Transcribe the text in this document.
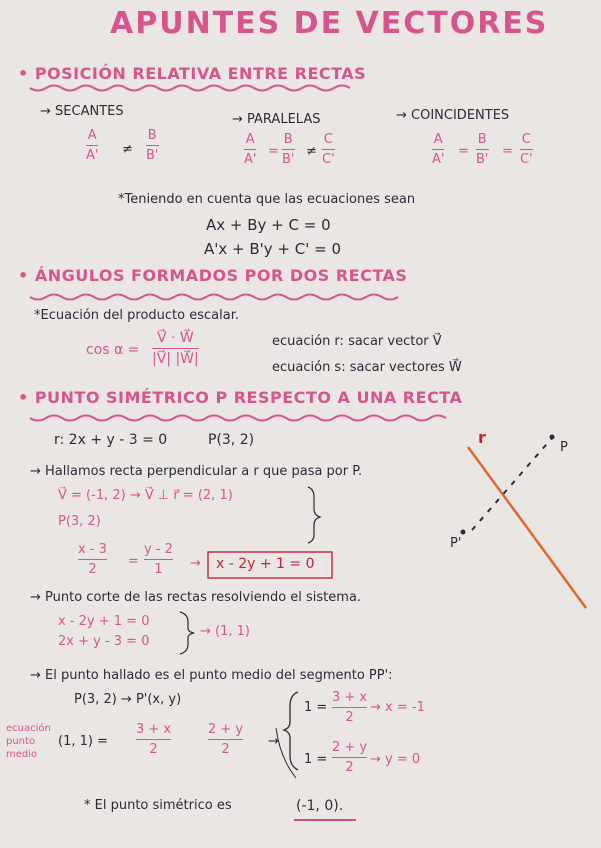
APUNTES DE VECTORES
• POSICIÓN RELATIVA ENTRE RECTAS
→ SECANTES
→ PARALELAS	→ COINCIDENTES
A
A' ≠
B
B'
A
A'
=
B
B'
≠
C
C'
A
A'
=
B
B'
=
C
C'
*Teniendo en cuenta que las ecuaciones sean
Ax + By + C = 0
A'x + B'y + C' = 0
• ÁNGULOS FORMADOS POR DOS RECTAS
*Ecuación del producto escalar.
cos α =
V⃗ · W⃗
|V⃗| |W⃗|
ecuación r: sacar vector V⃗
ecuación s: sacar vectores W⃗
• PUNTO SIMÉTRICO P RESPECTO A UNA RECTA
r: 2x + y - 3 = 0	P(3, 2)
→ Hallamos recta perpendicular a r que pasa por P.
V⃗ = (-1, 2) → V⃗ ⊥ r⃗ = (2, 1)
P(3, 2)
x - 3
2
=
y - 2
1 → x - 2y + 1 = 0
→ Punto corte de las rectas resolviendo el sistema.
x - 2y + 1 = 0
2x + y - 3 = 0
→ (1, 1)
→ El punto hallado es el punto medio del segmento PP':
P(3, 2) → P'(x, y)
ecuación
punto
medio
(1, 1) =
3 + x
2
2 + y
2
→
1 =
3 + x
2
→ x = -1
1 =
2 + y
2
→ y = 0
* El punto simétrico es	(-1, 0).
r
P
P'
